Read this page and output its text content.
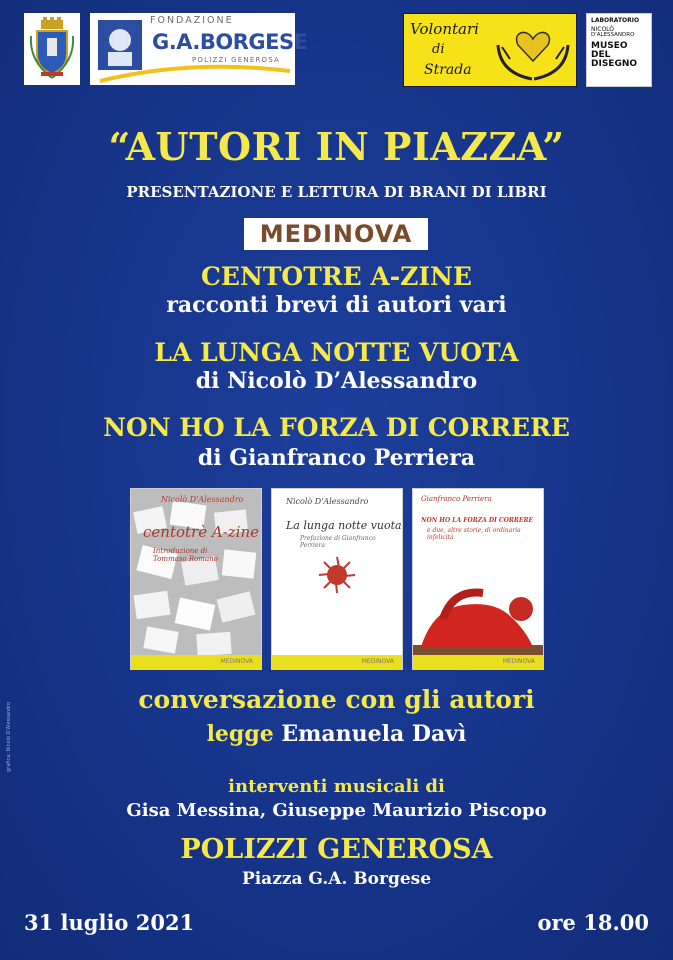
FONDAZIONE
G.A.BORGESE
POLIZZI GENEROSA
Volontari
di
Strada
LABORATORIO
NICOLÒ
D'ALESSANDRO
MUSEO
DEL
DISEGNO
“AUTORI IN PIAZZA”
PRESENTAZIONE E LETTURA DI BRANI DI LIBRI
MEDINOVA
CENTOTRE A-ZINE
racconti brevi di autori vari
LA LUNGA NOTTE VUOTA
di Nicolò D’Alessandro
NON HO LA FORZA DI CORRERE
di Gianfranco Perriera
Nicolò D'Alessandro
centotrè A-zine
Introduzione di Tommaso Romano
MEDINOVA
Nicolò D'Alessandro
La lunga notte vuota
Prefazione di Gianfranco Perriera
MEDINOVA
Gianfranco Perriera
NON HO LA FORZA DI CORRERE
e due, altre storie, di ordinaria infelicità
MEDINOVA
conversazione con gli autori
legge Emanuela Davì
interventi musicali di
Gisa Messina, Giuseppe Maurizio Piscopo
POLIZZI GENEROSA
Piazza G.A. Borgese
31 luglio 2021	ore 18.00
grafica: Nicolò D'Alessandro
